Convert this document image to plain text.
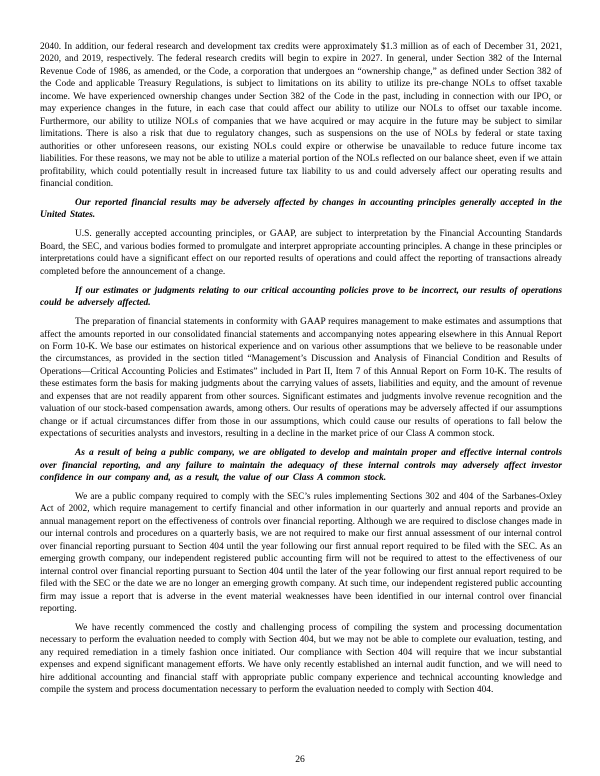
2040. In addition, our federal research and development tax credits were approximately $1.3 million as of each of December 31, 2021, 2020, and 2019, respectively. The federal research credits will begin to expire in 2027. In general, under Section 382 of the Internal Revenue Code of 1986, as amended, or the Code, a corporation that undergoes an “ownership change,” as defined under Section 382 of the Code and applicable Treasury Regulations, is subject to limitations on its ability to utilize its pre-change NOLs to offset taxable income. We have experienced ownership changes under Section 382 of the Code in the past, including in connection with our IPO, or may experience changes in the future, in each case that could affect our ability to utilize our NOLs to offset our taxable income. Furthermore, our ability to utilize NOLs of companies that we have acquired or may acquire in the future may be subject to similar limitations. There is also a risk that due to regulatory changes, such as suspensions on the use of NOLs by federal or state taxing authorities or other unforeseen reasons, our existing NOLs could expire or otherwise be unavailable to reduce future income tax liabilities. For these reasons, we may not be able to utilize a material portion of the NOLs reflected on our balance sheet, even if we attain profitability, which could potentially result in increased future tax liability to us and could adversely affect our operating results and financial condition.

Our reported financial results may be adversely affected by changes in accounting principles generally accepted in the United States.

U.S. generally accepted accounting principles, or GAAP, are subject to interpretation by the Financial Accounting Standards Board, the SEC, and various bodies formed to promulgate and interpret appropriate accounting principles. A change in these principles or interpretations could have a significant effect on our reported results of operations and could affect the reporting of transactions already completed before the announcement of a change.

If our estimates or judgments relating to our critical accounting policies prove to be incorrect, our results of operations could be adversely affected.

The preparation of financial statements in conformity with GAAP requires management to make estimates and assumptions that affect the amounts reported in our consolidated financial statements and accompanying notes appearing elsewhere in this Annual Report on Form 10-K. We base our estimates on historical experience and on various other assumptions that we believe to be reasonable under the circumstances, as provided in the section titled “Management’s Discussion and Analysis of Financial Condition and Results of Operations—Critical Accounting Policies and Estimates” included in Part II, Item 7 of this Annual Report on Form 10-K. The results of these estimates form the basis for making judgments about the carrying values of assets, liabilities and equity, and the amount of revenue and expenses that are not readily apparent from other sources. Significant estimates and judgments involve revenue recognition and the valuation of our stock-based compensation awards, among others. Our results of operations may be adversely affected if our assumptions change or if actual circumstances differ from those in our assumptions, which could cause our results of operations to fall below the expectations of securities analysts and investors, resulting in a decline in the market price of our Class A common stock.

As a result of being a public company, we are obligated to develop and maintain proper and effective internal controls over financial reporting, and any failure to maintain the adequacy of these internal controls may adversely affect investor confidence in our company and, as a result, the value of our Class A common stock.

We are a public company required to comply with the SEC’s rules implementing Sections 302 and 404 of the Sarbanes-Oxley Act of 2002, which require management to certify financial and other information in our quarterly and annual reports and provide an annual management report on the effectiveness of controls over financial reporting. Although we are required to disclose changes made in our internal controls and procedures on a quarterly basis, we are not required to make our first annual assessment of our internal control over financial reporting pursuant to Section 404 until the year following our first annual report required to be filed with the SEC. As an emerging growth company, our independent registered public accounting firm will not be required to attest to the effectiveness of our internal control over financial reporting pursuant to Section 404 until the later of the year following our first annual report required to be filed with the SEC or the date we are no longer an emerging growth company. At such time, our independent registered public accounting firm may issue a report that is adverse in the event material weaknesses have been identified in our internal control over financial reporting.

We have recently commenced the costly and challenging process of compiling the system and processing documentation necessary to perform the evaluation needed to comply with Section 404, but we may not be able to complete our evaluation, testing, and any required remediation in a timely fashion once initiated. Our compliance with Section 404 will require that we incur substantial expenses and expend significant management efforts. We have only recently established an internal audit function, and we will need to hire additional accounting and financial staff with appropriate public company experience and technical accounting knowledge and compile the system and process documentation necessary to perform the evaluation needed to comply with Section 404.

26
